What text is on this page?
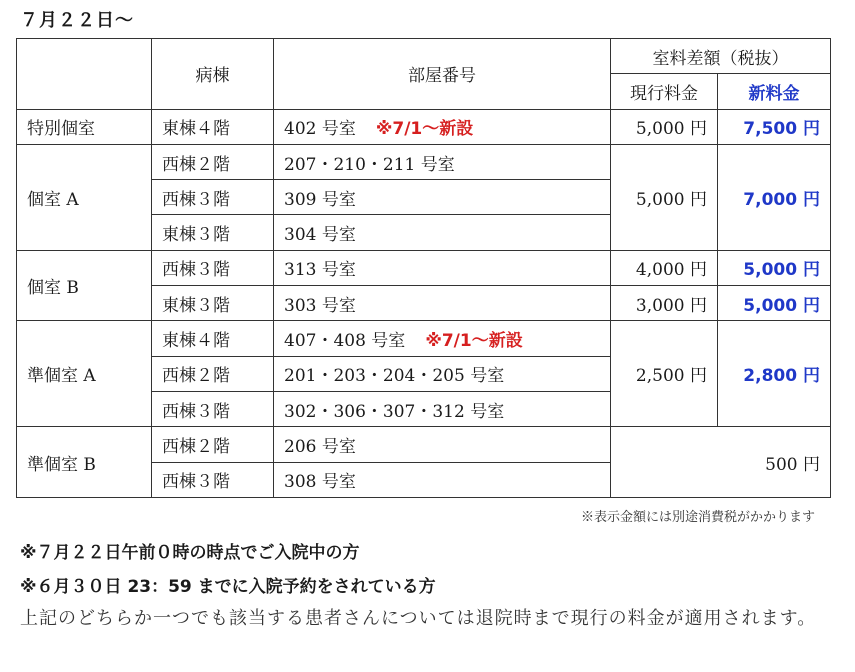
７月２２日～
	病棟	部屋番号	室料差額（税抜）	
			現行料金	新料金
特別個室	東棟４階	402 号室 ※7/1～新設	5,000 円	7,500 円
個室 A	西棟２階	207・210・211 号室	5,000 円	7,000 円
	西棟３階	309 号室		
	東棟３階	304 号室		
個室 B	西棟３階	313 号室	4,000 円	5,000 円
	東棟３階	303 号室	3,000 円	5,000 円
準個室 A	東棟４階	407・408 号室 ※7/1～新設	2,500 円	2,800 円
	西棟２階	201・203・204・205 号室		
	西棟３階	302・306・307・312 号室		
準個室 B	西棟２階	206 号室	500 円	
	西棟３階	308 号室		
※表示金額には別途消費税がかかります
※７月２２日午前０時の時点でご入院中の方
※６月３０日 23：59 までに入院予約をされている方
上記のどちらか一つでも該当する患者さんについては退院時まで現行の料金が適用されます。
